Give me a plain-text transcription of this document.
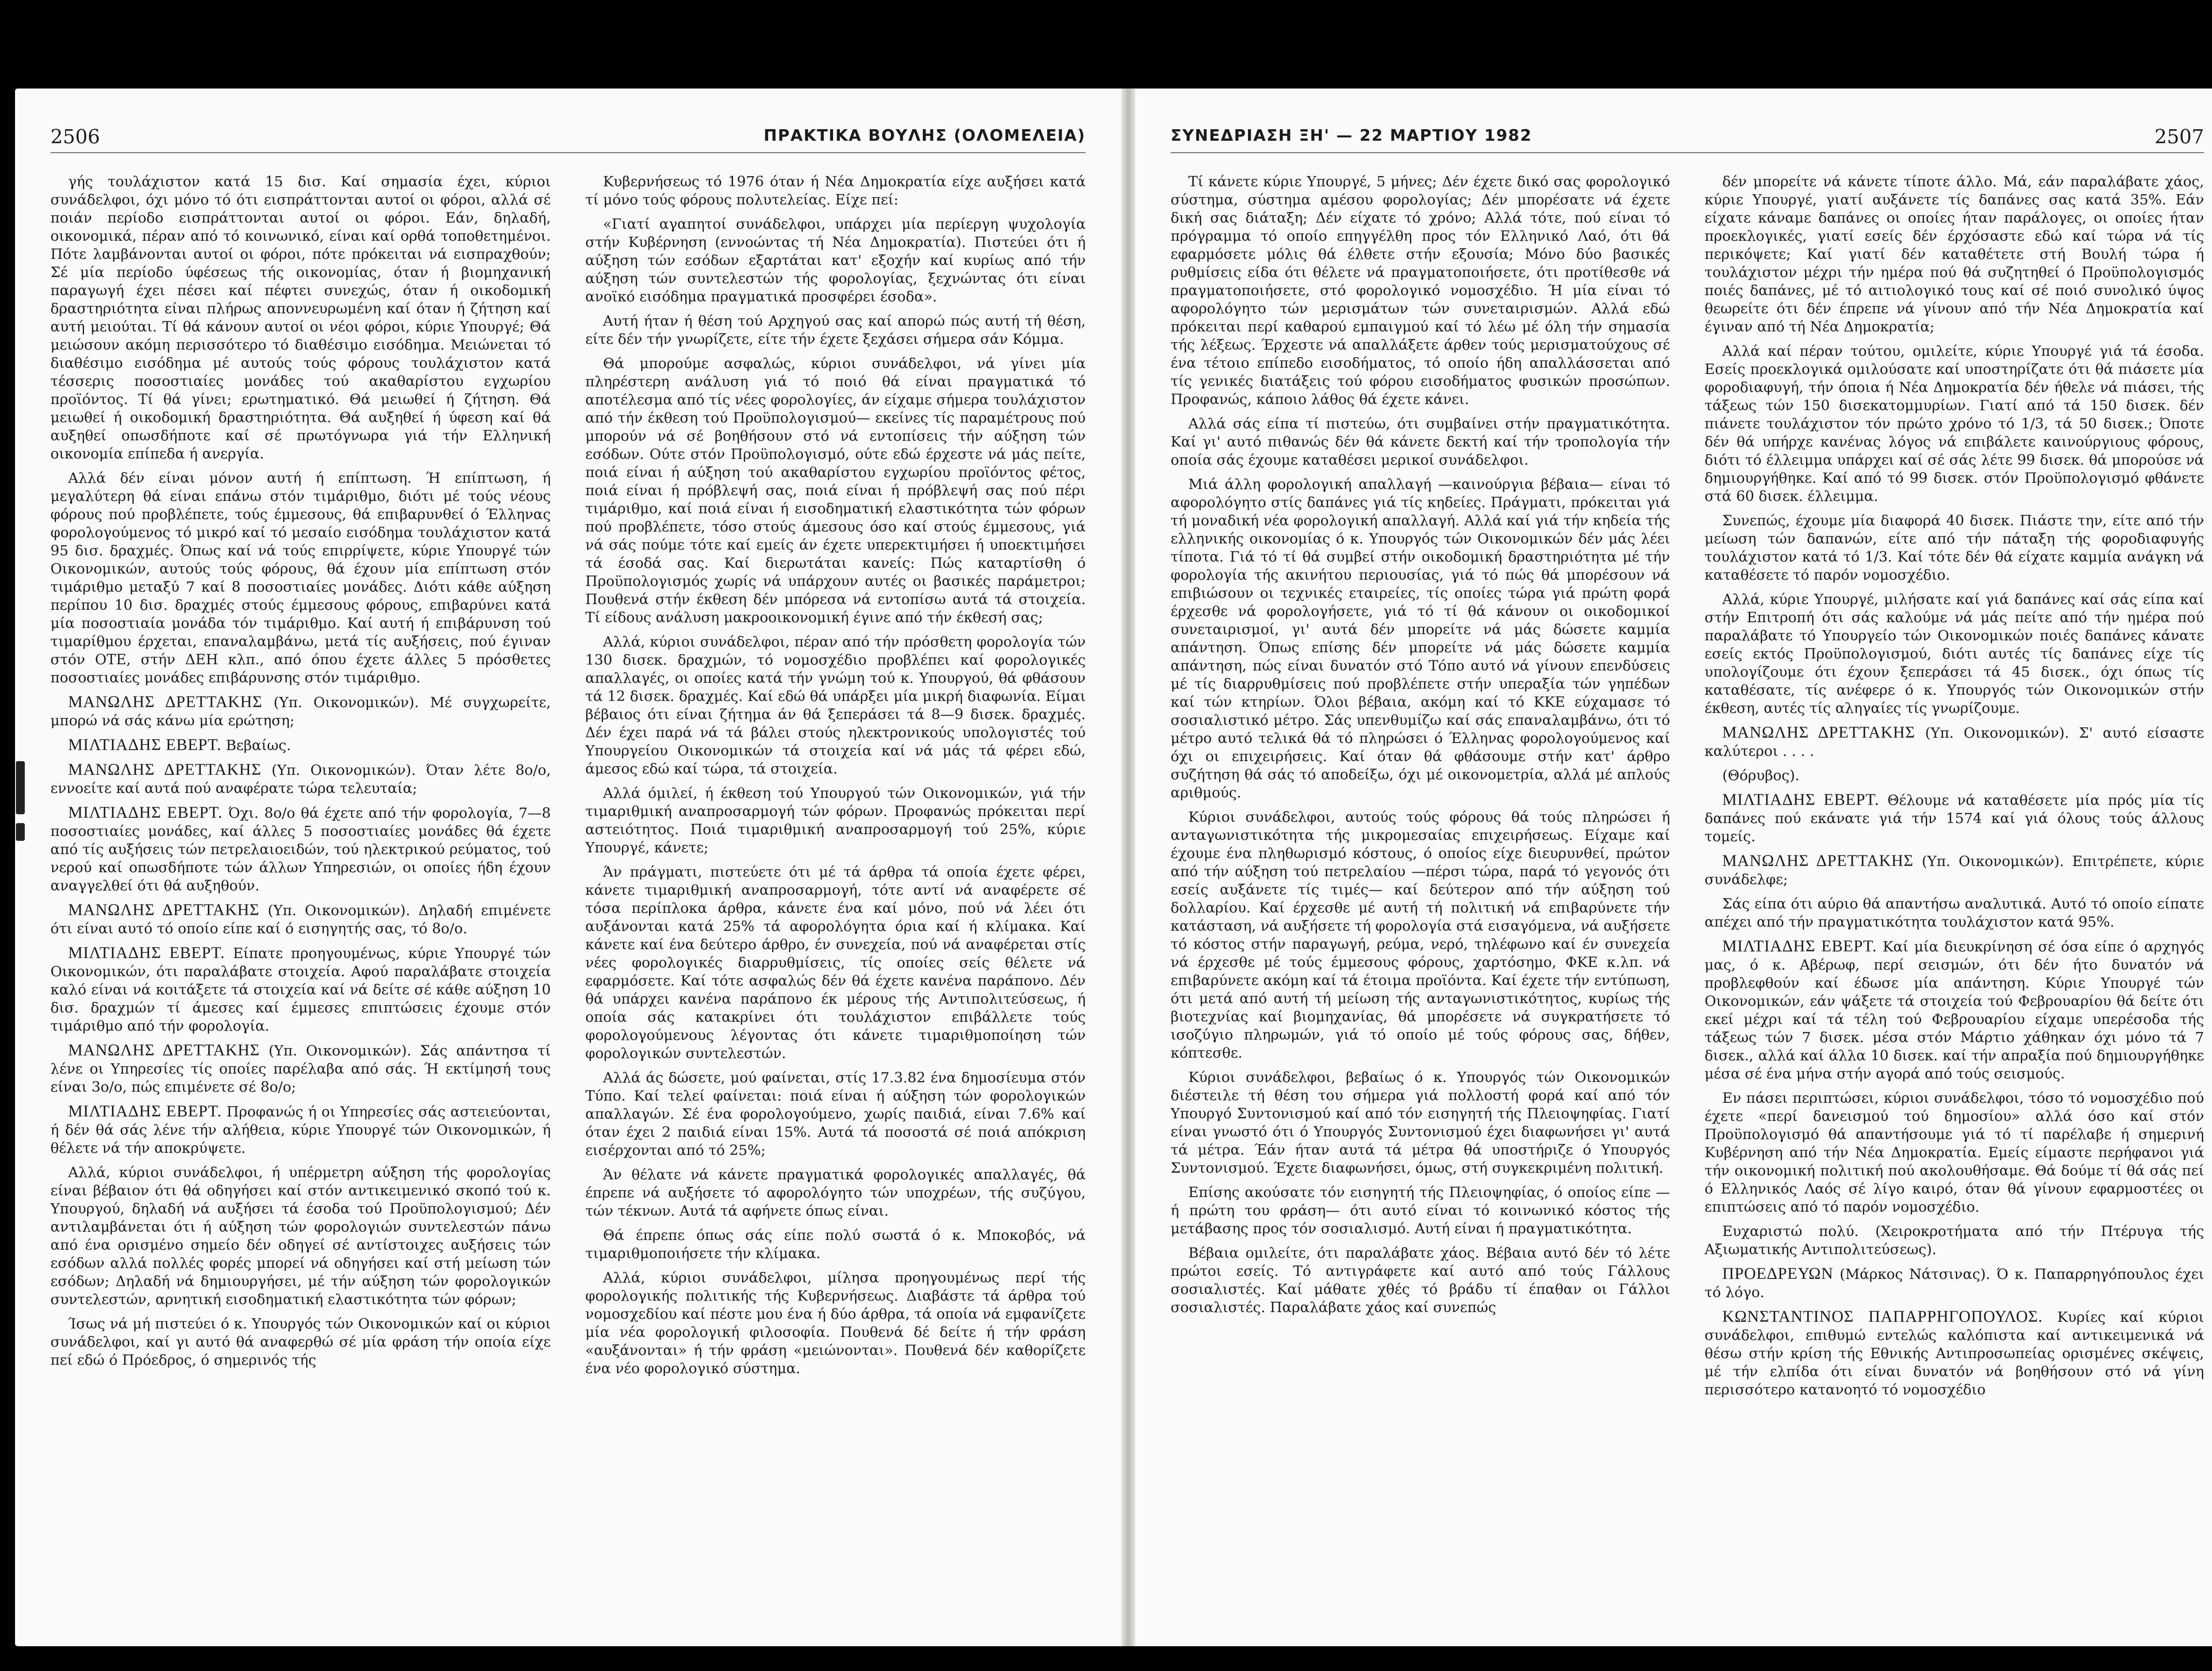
2506	ΠΡΑΚΤΙΚΑ ΒΟΥΛΗΣ (ΟΛΟΜΕΛΕΙΑ)

γής τουλάχιστον κατά 15 δισ. Καί σημασία έχει, κύριοι συνάδελφοι, όχι μόνο τό ότι εισπράττονται αυτοί οι φόροι, αλλά σέ ποιάν περίοδο εισπράττονται αυτοί οι φόροι. Εάν, δηλαδή, οικονομικά, πέραν από τό κοινωνικό, είναι καί ορθά τοποθετημένοι. Πότε λαμβάνονται αυτοί οι φόροι, πότε πρόκειται νά εισπραχθούν; Σέ μία περίοδο ύφέσεως τής οικονομίας, όταν ή βιομηχανική παραγωγή έχει πέσει καί πέφτει συνεχώς, όταν ή οικοδομική δραστηριότητα είναι πλήρως αποννευρωμένη καί όταν ή ζήτηση καί αυτή μειούται. Τί θά κάνουν αυτοί οι νέοι φόροι, κύριε Υπουργέ; Θά μειώσουν ακόμη περισσότερο τό διαθέσιμο εισόδημα. Μειώνεται τό διαθέσιμο εισόδημα μέ αυτούς τούς φόρους τουλάχιστον κατά τέσσερις ποσοστιαίες μονάδες τού ακαθαρίστου εγχωρίου προϊόντος. Τί θά γίνει; ερωτηματικό. Θά μειωθεί ή ζήτηση. Θά μειωθεί ή οικοδομική δραστηριότητα. Θά αυξηθεί ή ύφεση καί θά αυξηθεί οπωσδήποτε καί σέ πρωτόγνωρα γιά τήν Ελληνική οικονομία επίπεδα ή ανεργία.

Αλλά δέν είναι μόνον αυτή ή επίπτωση. Ή επίπτωση, ή μεγαλύτερη θά είναι επάνω στόν τιμάριθμο, διότι μέ τούς νέους φόρους πού προβλέπετε, τούς έμμεσους, θά επιβαρυνθεί ό Έλληνας φορολογούμενος τό μικρό καί τό μεσαίο εισόδημα τουλάχιστον κατά 95 δισ. δραχμές. Όπως καί νά τούς επιρρίψετε, κύριε Υπουργέ τών Οικονομικών, αυτούς τούς φόρους, θά έχουν μία επίπτωση στόν τιμάριθμο μεταξύ 7 καί 8 ποσοστιαίες μονάδες. Διότι κάθε αύξηση περίπου 10 δισ. δραχμές στούς έμμεσους φόρους, επιβαρύνει κατά μία ποσοστιαία μονάδα τόν τιμάριθμο. Καί αυτή ή επιβάρυνση τού τιμαρίθμου έρχεται, επαναλαμβάνω, μετά τίς αυξήσεις, πού έγιναν στόν ΟΤΕ, στήν ΔΕΗ κλπ., από όπου έχετε άλλες 5 πρόσθετες ποσοστιαίες μονάδες επιβάρυνσης στόν τιμάριθμο.

ΜΑΝΩΛΗΣ ΔΡΕΤΤΑΚΗΣ (Υπ. Οικονομικών). Μέ συγχωρείτε, μπορώ νά σάς κάνω μία ερώτηση;

ΜΙΛΤΙΑΔΗΣ ΕΒΕΡΤ. Βεβαίως.

ΜΑΝΩΛΗΣ ΔΡΕΤΤΑΚΗΣ (Υπ. Οικονομικών). Όταν λέτε 8ο/ο, εννοείτε καί αυτά πού αναφέρατε τώρα τελευταία;

ΜΙΛΤΙΑΔΗΣ ΕΒΕΡΤ. Όχι. 8ο/ο θά έχετε από τήν φορολογία, 7—8 ποσοστιαίες μονάδες, καί άλλες 5 ποσοστιαίες μονάδες θά έχετε από τίς αυξήσεις τών πετρελαιοειδών, τού ηλεκτρικού ρεύματος, τού νερού καί οπωσδήποτε τών άλλων Υπηρεσιών, οι οποίες ήδη έχουν αναγγελθεί ότι θά αυξηθούν.

ΜΑΝΩΛΗΣ ΔΡΕΤΤΑΚΗΣ (Υπ. Οικονομικών). Δηλαδή επιμένετε ότι είναι αυτό τό οποίο είπε καί ό εισηγητής σας, τό 8ο/ο.

ΜΙΛΤΙΑΔΗΣ ΕΒΕΡΤ. Είπατε προηγουμένως, κύριε Υπουργέ τών Οικονομικών, ότι παραλάβατε στοιχεία. Αφού παραλάβατε στοιχεία καλό είναι νά κοιτάξετε τά στοιχεία καί νά δείτε σέ κάθε αύξηση 10 δισ. δραχμών τί άμεσες καί έμμεσες επιπτώσεις έχουμε στόν τιμάριθμο από τήν φορολογία.

ΜΑΝΩΛΗΣ ΔΡΕΤΤΑΚΗΣ (Υπ. Οικονομικών). Σάς απάντησα τί λένε οι Υπηρεσίες τίς οποίες παρέλαβα από σάς. Ή εκτίμησή τους είναι 3ο/ο, πώς επιμένετε σέ 8ο/ο;

ΜΙΛΤΙΑΔΗΣ ΕΒΕΡΤ. Προφανώς ή οι Υπηρεσίες σάς αστειεύονται, ή δέν θά σάς λένε τήν αλήθεια, κύριε Υπουργέ τών Οικονομικών, ή θέλετε νά τήν αποκρύψετε.

Αλλά, κύριοι συνάδελφοι, ή υπέρμετρη αύξηση τής φορολογίας είναι βέβαιον ότι θά οδηγήσει καί στόν αντικειμενικό σκοπό τού κ. Υπουργού, δηλαδή νά αυξήσει τά έσοδα τού Προϋπολογισμού; Δέν αντιλαμβάνεται ότι ή αύξηση τών φορολογιών συντελεστών πάνω από ένα ορισμένο σημείο δέν οδηγεί σέ αντίστοιχες αυξήσεις τών εσόδων αλλά πολλές φορές μπορεί νά οδηγήσει καί στή μείωση τών εσόδων; Δηλαδή νά δημιουργήσει, μέ τήν αύξηση τών φορολογικών συντελεστών, αρνητική εισοδηματική ελαστικότητα τών φόρων;

Ίσως νά μή πιστεύει ό κ. Υπουργός τών Οικονομικών καί οι κύριοι συνάδελφοι, καί γι αυτό θά αναφερθώ σέ μία φράση τήν οποία είχε πεί εδώ ό Πρόεδρος, ό σημερινός τής

Κυβερνήσεως τό 1976 όταν ή Νέα Δημοκρατία είχε αυξήσει κατά τί μόνο τούς φόρους πολυτελείας. Είχε πεί:

«Γιατί αγαπητοί συνάδελφοι, υπάρχει μία περίεργη ψυχολογία στήν Κυβέρνηση (εννοώντας τή Νέα Δημοκρατία). Πιστεύει ότι ή αύξηση τών εσόδων εξαρτάται κατ' εξοχήν καί κυρίως από τήν αύξηση τών συντελεστών τής φορολογίας, ξεχνώντας ότι είναι ανοϊκό εισόδημα πραγματικά προσφέρει έσοδα».

Αυτή ήταν ή θέση τού Αρχηγού σας καί απορώ πώς αυτή τή θέση, είτε δέν τήν γνωρίζετε, είτε τήν έχετε ξεχάσει σήμερα σάν Κόμμα.

Θά μπορούμε ασφαλώς, κύριοι συνάδελφοι, νά γίνει μία πληρέστερη ανάλυση γιά τό ποιό θά είναι πραγματικά τό αποτέλεσμα από τίς νέες φορολογίες, άν είχαμε σήμερα τουλάχιστον από τήν έκθεση τού Προϋπολογισμού— εκείνες τίς παραμέτρους πού μπορούν νά σέ βοηθήσουν στό νά εντοπίσεις τήν αύξηση τών εσόδων. Ούτε στόν Προϋπολογισμό, ούτε εδώ έρχεστε νά μάς πείτε, ποιά είναι ή αύξηση τού ακαθαρίστου εγχωρίου προϊόντος φέτος, ποιά είναι ή πρόβλεψή σας, ποιά είναι ή πρόβλεψή σας πού πέρι τιμάριθμο, καί ποιά είναι ή εισοδηματική ελαστικότητα τών φόρων πού προβλέπετε, τόσο στούς άμεσους όσο καί στούς έμμεσους, γιά νά σάς πούμε τότε καί εμείς άν έχετε υπερεκτιμήσει ή υποεκτιμήσει τά έσοδά σας. Καί διερωτάται κανείς: Πώς καταρτίσθη ό Προϋπολογισμός χωρίς νά υπάρχουν αυτές οι βασικές παράμετροι; Πουθενά στήν έκθεση δέν μπόρεσα νά εντοπίσω αυτά τά στοιχεία. Τί είδους ανάλυση μακροοικονομική έγινε από τήν έκθεσή σας;

Αλλά, κύριοι συνάδελφοι, πέραν από τήν πρόσθετη φορολογία τών 130 δισεκ. δραχμών, τό νομοσχέδιο προβλέπει καί φορολογικές απαλλαγές, οι οποίες κατά τήν γνώμη τού κ. Υπουργού, θά φθάσουν τά 12 δισεκ. δραχμές. Καί εδώ θά υπάρξει μία μικρή διαφωνία. Είμαι βέβαιος ότι είναι ζήτημα άν θά ξεπεράσει τά 8—9 δισεκ. δραχμές. Δέν έχει παρά νά τά βάλει στούς ηλεκτρονικούς υπολογιστές τού Υπουργείου Οικονομικών τά στοιχεία καί νά μάς τά φέρει εδώ, άμεσος εδώ καί τώρα, τά στοιχεία.

Αλλά όμιλεί, ή έκθεση τού Υπουργού τών Οικονομικών, γιά τήν τιμαριθμική αναπροσαρμογή τών φόρων. Προφανώς πρόκειται περί αστειότητος. Ποιά τιμαριθμική αναπροσαρμογή τού 25%, κύριε Υπουργέ, κάνετε;

Άν πράγματι, πιστεύετε ότι μέ τά άρθρα τά οποία έχετε φέρει, κάνετε τιμαριθμική αναπροσαρμογή, τότε αντί νά αναφέρετε σέ τόσα περίπλοκα άρθρα, κάνετε ένα καί μόνο, πού νά λέει ότι αυξάνονται κατά 25% τά αφορολόγητα όρια καί ή κλίμακα. Καί κάνετε καί ένα δεύτερο άρθρο, έν συνεχεία, πού νά αναφέρεται στίς νέες φορολογικές διαρρυθμίσεις, τίς οποίες σείς θέλετε νά εφαρμόσετε. Καί τότε ασφαλώς δέν θά έχετε κανένα παράπονο. Δέν θά υπάρχει κανένα παράπονο έκ μέρους τής Αντιπολιτεύσεως, ή οποία σάς κατακρίνει ότι τουλάχιστον επιβάλλετε τούς φορολογούμενους λέγοντας ότι κάνετε τιμαριθμοποίηση τών φορολογικών συντελεστών.

Αλλά άς δώσετε, μού φαίνεται, στίς 17.3.82 ένα δημοσίευμα στόν Τύπο. Καί τελεί φαίνεται: ποιά είναι ή αύξηση τών φορολογικών απαλλαγών. Σέ ένα φορολογούμενο, χωρίς παιδιά, είναι 7.6% καί όταν έχει 2 παιδιά είναι 15%. Αυτά τά ποσοστά σέ ποιά απόκριση εισέρχονται από τό 25%;

Άν θέλατε νά κάνετε πραγματικά φορολογικές απαλλαγές, θά έπρεπε νά αυξήσετε τό αφορολόγητο τών υποχρέων, τής συζύγου, τών τέκνων. Αυτά τά αφήνετε όπως είναι.

Θά έπρεπε όπως σάς είπε πολύ σωστά ό κ. Μποκοβός, νά τιμαριθμοποιήσετε τήν κλίμακα.

Αλλά, κύριοι συνάδελφοι, μίλησα προηγουμένως περί τής φορολογικής πολιτικής τής Κυβερνήσεως. Διαβάστε τά άρθρα τού νομοσχεδίου καί πέστε μου ένα ή δύο άρθρα, τά οποία νά εμφανίζετε μία νέα φορολογική φιλοσοφία. Πουθενά δέ δείτε ή τήν φράση «αυξάνονται» ή τήν φράση «μειώνονται». Πουθενά δέν καθορίζετε ένα νέο φορολογικό σύστημα.

ΣΥΝΕΔΡΙΑΣΗ ΞΗ' — 22 ΜΑΡΤΙΟΥ 1982	2507

Τί κάνετε κύριε Υπουργέ, 5 μήνες; Δέν έχετε δικό σας φορολογικό σύστημα, σύστημα αμέσου φορολογίας; Δέν μπορέσατε νά έχετε δική σας διάταξη; Δέν είχατε τό χρόνο; Αλλά τότε, πού είναι τό πρόγραμμα τό οποίο επηγγέλθη προς τόν Ελληνικό Λαό, ότι θά εφαρμόσετε μόλις θά έλθετε στήν εξουσία; Μόνο δύο βασικές ρυθμίσεις είδα ότι θέλετε νά πραγματοποιήσετε, ότι προτίθεσθε νά πραγματοποιήσετε, στό φορολογικό νομοσχέδιο. Ή μία είναι τό αφορολόγητο τών μερισμάτων τών συνεταιρισμών. Αλλά εδώ πρόκειται περί καθαρού εμπαιγμού καί τό λέω μέ όλη τήν σημασία τής λέξεως. Έρχεστε νά απαλλάξετε άρθεν τούς μερισματούχους σέ ένα τέτοιο επίπεδο εισοδήματος, τό οποίο ήδη απαλλάσσεται από τίς γενικές διατάξεις τού φόρου εισοδήματος φυσικών προσώπων. Προφανώς, κάποιο λάθος θά έχετε κάνει.

Αλλά σάς είπα τί πιστεύω, ότι συμβαίνει στήν πραγματικότητα. Καί γι' αυτό πιθανώς δέν θά κάνετε δεκτή καί τήν τροπολογία τήν οποία σάς έχουμε καταθέσει μερικοί συνάδελφοι.

Μιά άλλη φορολογική απαλλαγή —καινούργια βέβαια— είναι τό αφορολόγητο στίς δαπάνες γιά τίς κηδείες. Πράγματι, πρόκειται γιά τή μοναδική νέα φορολογική απαλλαγή. Αλλά καί γιά τήν κηδεία τής ελληνικής οικονομίας ό κ. Υπουργός τών Οικονομικών δέν μάς λέει τίποτα. Γιά τό τί θά συμβεί στήν οικοδομική δραστηριότητα μέ τήν φορολογία τής ακινήτου περιουσίας, γιά τό πώς θά μπορέσουν νά επιβιώσουν οι τεχνικές εταιρείες, τίς οποίες τώρα γιά πρώτη φορά έρχεσθε νά φορολογήσετε, γιά τό τί θά κάνουν οι οικοδομικοί συνεταιρισμοί, γι' αυτά δέν μπορείτε νά μάς δώσετε καμμία απάντηση. Όπως επίσης δέν μπορείτε νά μάς δώσετε καμμία απάντηση, πώς είναι δυνατόν στό Τόπο αυτό νά γίνουν επενδύσεις μέ τίς διαρρυθμίσεις πού προβλέπετε στήν υπεραξία τών γηπέδων καί τών κτηρίων. Όλοι βέβαια, ακόμη καί τό ΚΚΕ εύχαμασε τό σοσιαλιστικό μέτρο. Σάς υπενθυμίζω καί σάς επαναλαμβάνω, ότι τό μέτρο αυτό τελικά θά τό πληρώσει ό Έλληνας φορολογούμενος καί όχι οι επιχειρήσεις. Καί όταν θά φθάσουμε στήν κατ' άρθρο συζήτηση θά σάς τό αποδείξω, όχι μέ οικονομετρία, αλλά μέ απλούς αριθμούς.

Κύριοι συνάδελφοι, αυτούς τούς φόρους θά τούς πληρώσει ή ανταγωνιστικότητα τής μικρομεσαίας επιχειρήσεως. Είχαμε καί έχουμε ένα πληθωρισμό κόστους, ό οποίος είχε διευρυνθεί, πρώτον από τήν αύξηση τού πετρελαίου —πέρσι τώρα, παρά τό γεγονός ότι εσείς αυξάνετε τίς τιμές— καί δεύτερον από τήν αύξηση τού δολλαρίου. Καί έρχεσθε μέ αυτή τή πολιτική νά επιβαρύνετε τήν κατάσταση, νά αυξήσετε τή φορολογία στά εισαγόμενα, νά αυξήσετε τό κόστος στήν παραγωγή, ρεύμα, νερό, τηλέφωνο καί έν συνεχεία νά έρχεσθε μέ τούς έμμεσους φόρους, χαρτόσημο, ΦΚΕ κ.λπ. νά επιβαρύνετε ακόμη καί τά έτοιμα προϊόντα. Καί έχετε τήν εντύπωση, ότι μετά από αυτή τή μείωση τής ανταγωνιστικότητος, κυρίως τής βιοτεχνίας καί βιομηχανίας, θά μπορέσετε νά συγκρατήσετε τό ισοζύγιο πληρωμών, γιά τό οποίο μέ τούς φόρους σας, δήθεν, κόπτεσθε.

Κύριοι συνάδελφοι, βεβαίως ό κ. Υπουργός τών Οικονομικών διέστειλε τή θέση του σήμερα γιά πολλοστή φορά καί από τόν Υπουργό Συντονισμού καί από τόν εισηγητή τής Πλειοψηφίας. Γιατί είναι γνωστό ότι ό Υπουργός Συντονισμού έχει διαφωνήσει γι' αυτά τά μέτρα. Έάν ήταν αυτά τά μέτρα θά υποστήριζε ό Υπουργός Συντονισμού. Έχετε διαφωνήσει, όμως, στή συγκεκριμένη πολιτική.

Επίσης ακούσατε τόν εισηγητή τής Πλειοψηφίας, ό οποίος είπε —ή πρώτη του φράση— ότι αυτό είναι τό κοινωνικό κόστος τής μετάβασης προς τόν σοσιαλισμό. Αυτή είναι ή πραγματικότητα.

Βέβαια ομιλείτε, ότι παραλάβατε χάος. Βέβαια αυτό δέν τό λέτε πρώτοι εσείς. Τό αντιγράφετε καί αυτό από τούς Γάλλους σοσιαλιστές. Καί μάθατε χθές τό βράδυ τί έπαθαν οι Γάλλοι σοσιαλιστές. Παραλάβατε χάος καί συνεπώς

δέν μπορείτε νά κάνετε τίποτε άλλο. Μά, εάν παραλάβατε χάος, κύριε Υπουργέ, γιατί αυξάνετε τίς δαπάνες σας κατά 35%. Εάν είχατε κάναμε δαπάνες οι οποίες ήταν παράλογες, οι οποίες ήταν προεκλογικές, γιατί εσείς δέν έρχόσαστε εδώ καί τώρα νά τίς περικόψετε; Καί γιατί δέν καταθέτετε στή Βουλή τώρα ή τουλάχιστον μέχρι τήν ημέρα πού θά συζητηθεί ό Προϋπολογισμός ποιές δαπάνες, μέ τό αιτιολογικό τους καί σέ ποιό συνολικό ύψος θεωρείτε ότι δέν έπρεπε νά γίνουν από τήν Νέα Δημοκρατία καί έγιναν από τή Νέα Δημοκρατία;

Αλλά καί πέραν τούτου, ομιλείτε, κύριε Υπουργέ γιά τά έσοδα. Εσείς προεκλογικά ομιλούσατε καί υποστηρίζατε ότι θά πιάσετε μία φοροδιαφυγή, τήν όποια ή Νέα Δημοκρατία δέν ήθελε νά πιάσει, τής τάξεως τών 150 δισεκατομμυρίων. Γιατί από τά 150 δισεκ. δέν πιάνετε τουλάχιστον τόν πρώτο χρόνο τό 1/3, τά 50 δισεκ.; Όποτε δέν θά υπήρχε κανένας λόγος νά επιβάλετε καινούργιους φόρους, διότι τό έλλειμμα υπάρχει καί σέ σάς λέτε 99 δισεκ. θά μπορούσε νά δημιουργήθηκε. Καί από τό 99 δισεκ. στόν Προϋπολογισμό φθάνετε στά 60 δισεκ. έλλειμμα.

Συνεπώς, έχουμε μία διαφορά 40 δισεκ. Πιάστε την, είτε από τήν μείωση τών δαπανών, είτε από τήν πάταξη τής φοροδιαφυγής τουλάχιστον κατά τό 1/3. Καί τότε δέν θά είχατε καμμία ανάγκη νά καταθέσετε τό παρόν νομοσχέδιο.

Αλλά, κύριε Υπουργέ, μιλήσατε καί γιά δαπάνες καί σάς είπα καί στήν Επιτροπή ότι σάς καλούμε νά μάς πείτε από τήν ημέρα πού παραλάβατε τό Υπουργείο τών Οικονομικών ποιές δαπάνες κάνατε εσείς εκτός Προϋπολογισμού, διότι αυτές τίς δαπάνες είχε τίς υπολογίζουμε ότι έχουν ξεπεράσει τά 45 δισεκ., όχι όπως τίς καταθέσατε, τίς ανέφερε ό κ. Υπουργός τών Οικονομικών στήν έκθεση, αυτές τίς αληγαίες τίς γνωρίζουμε.

ΜΑΝΩΛΗΣ ΔΡΕΤΤΑΚΗΣ (Υπ. Οικονομικών). Σ' αυτό είσαστε καλύτεροι . . . .

(Θόρυβος).

ΜΙΛΤΙΑΔΗΣ ΕΒΕΡΤ. Θέλουμε νά καταθέσετε μία πρός μία τίς δαπάνες πού εκάνατε γιά τήν 1574 καί γιά όλους τούς άλλους τομείς.

ΜΑΝΩΛΗΣ ΔΡΕΤΤΑΚΗΣ (Υπ. Οικονομικών). Επιτρέπετε, κύριε συνάδελφε;

Σάς είπα ότι αύριο θά απαντήσω αναλυτικά. Αυτό τό οποίο είπατε απέχει από τήν πραγματικότητα τουλάχιστον κατά 95%.

ΜΙΛΤΙΑΔΗΣ ΕΒΕΡΤ. Καί μία διευκρίνηση σέ όσα είπε ό αρχηγός μας, ό κ. Αβέρωφ, περί σεισμών, ότι δέν ήτο δυνατόν νά προβλεφθούν καί έδωσε μία απάντηση. Κύριε Υπουργέ τών Οικονομικών, εάν ψάξετε τά στοιχεία τού Φεβρουαρίου θά δείτε ότι εκεί μέχρι καί τά τέλη τού Φεβρουαρίου είχαμε υπερέσοδα τής τάξεως τών 7 δισεκ. μέσα στόν Μάρτιο χάθηκαν όχι μόνο τά 7 δισεκ., αλλά καί άλλα 10 δισεκ. καί τήν απραξία πού δημιουργήθηκε μέσα σέ ένα μήνα στήν αγορά από τούς σεισμούς.

Εν πάσει περιπτώσει, κύριοι συνάδελφοι, τόσο τό νομοσχέδιο πού έχετε «περί δανεισμού τού δημοσίου» αλλά όσο καί στόν Προϋπολογισμό θά απαντήσουμε γιά τό τί παρέλαβε ή σημερινή Κυβέρνηση από τήν Νέα Δημοκρατία. Εμείς είμαστε περήφανοι γιά τήν οικονομική πολιτική πού ακολουθήσαμε. Θά δούμε τί θά σάς πεί ό Ελληνικός Λαός σέ λίγο καιρό, όταν θά γίνουν εφαρμοστέες οι επιπτώσεις από τό παρόν νομοσχέδιο.

Ευχαριστώ πολύ. (Χειροκροτήματα από τήν Πτέρυγα τής Αξιωματικής Αντιπολιτεύσεως).

ΠΡΟΕΔΡΕΥΩΝ (Μάρκος Νάτσινας). Ό κ. Παπαρρηγόπουλος έχει τό λόγο.

ΚΩΝΣΤΑΝΤΙΝΟΣ ΠΑΠΑΡΡΗΓΟΠΟΥΛΟΣ. Κυρίες καί κύριοι συνάδελφοι, επιθυμώ εντελώς καλόπιστα καί αντικειμενικά νά θέσω στήν κρίση τής Εθνικής Αντιπροσωπείας ορισμένες σκέψεις, μέ τήν ελπίδα ότι είναι δυνατόν νά βοηθήσουν στό νά γίνη περισσότερο κατανοητό τό νομοσχέδιο
